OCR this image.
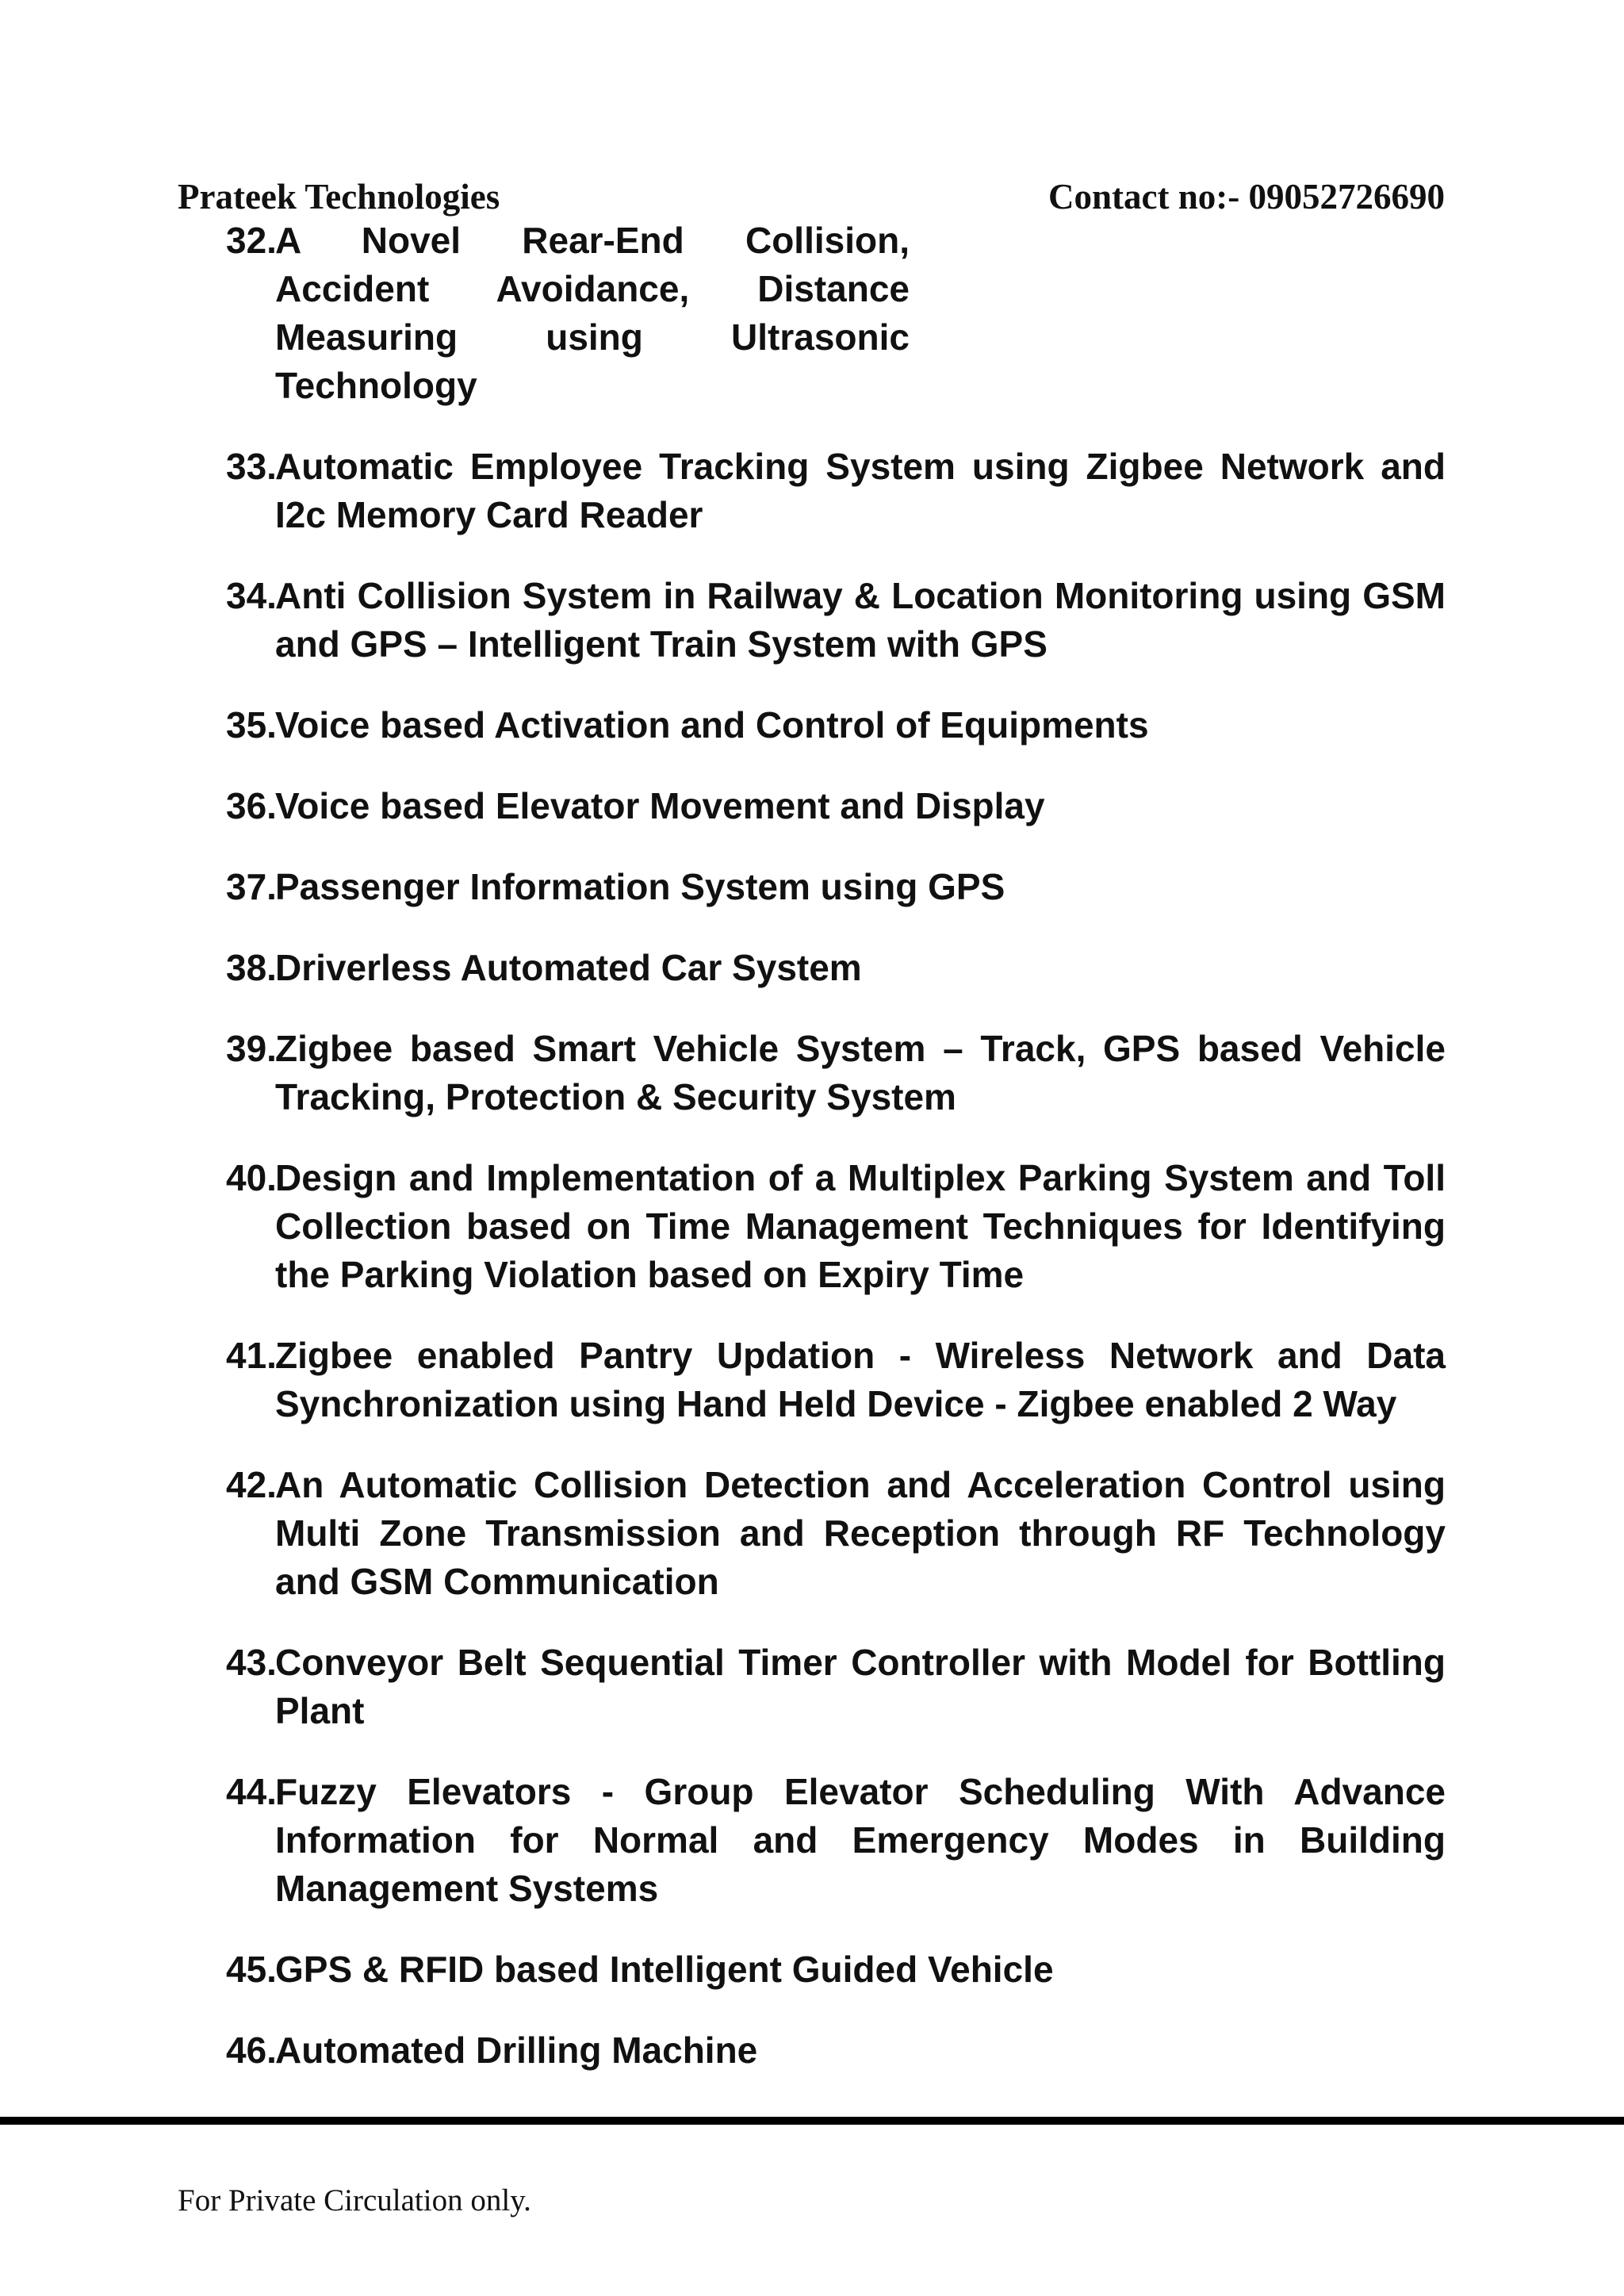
Prateek Technologies	Contact no:- 09052726690
32.
A Novel Rear-End Collision, Accident Avoidance, Distance Measuring using Ultrasonic Technology
33.
Automatic Employee Tracking System using Zigbee Network and I2c Memory Card Reader
34.
Anti Collision System in Railway & Location Monitoring using GSM and GPS – Intelligent Train System with GPS
35.
Voice based Activation and Control of Equipments
36.
Voice based Elevator Movement and Display
37.
Passenger Information System using GPS
38.
Driverless Automated Car System
39.
Zigbee based Smart Vehicle System – Track, GPS based Vehicle Tracking, Protection & Security System
40.
Design and Implementation of a Multiplex Parking System and Toll Collection based on Time Management Techniques for Identifying the Parking Violation based on Expiry Time
41.
Zigbee enabled Pantry Updation - Wireless Network and Data Synchronization using Hand Held Device - Zigbee enabled 2 Way
42.
An Automatic Collision Detection and Acceleration Control using Multi Zone Transmission and Reception through RF Technology and GSM Communication
43.
Conveyor Belt Sequential Timer Controller with Model for Bottling Plant
44.
Fuzzy Elevators - Group Elevator Scheduling With Advance Information for Normal and Emergency Modes in Building Management Systems
45.
GPS & RFID based Intelligent Guided Vehicle
46.
Automated Drilling Machine
For Private Circulation only.
